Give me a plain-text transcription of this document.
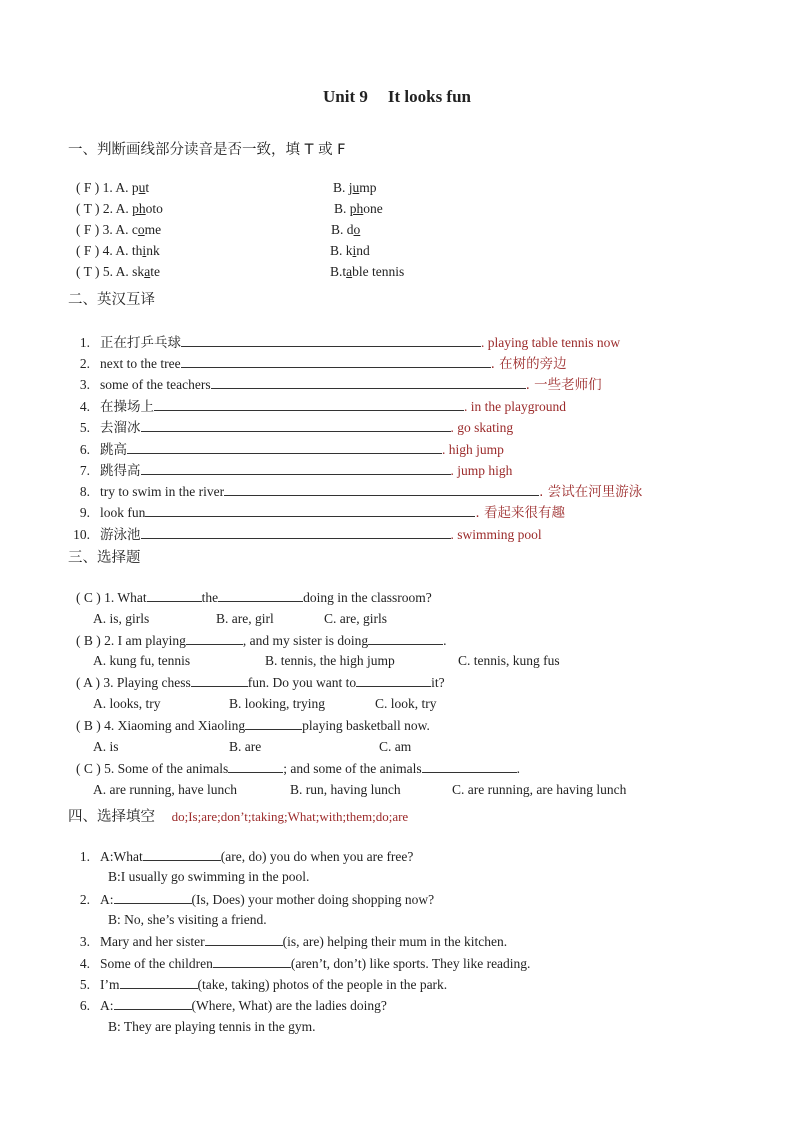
Unit 9 It looks fun
一、判断画线部分读音是否一致，填 T 或 F
( F ) 1. A. put	B. jump
( T ) 2. A. photo	B. phone
( F ) 3. A. come	B. do
( F ) 4. A. think	B. kind
( T ) 5. A. skate	B.table tennis
二、英汉互译
1. 正在打乒乓球	. playing table tennis now
2. next to the tree	. 在树的旁边
3. some of the teachers	. 一些老师们
4. 在操场上	. in the playground
5. 去溜冰	. go skating
6. 跳高	. high jump
7. 跳得高	. jump high
8. try to swim in the river	. 尝试在河里游泳
9. look fun	. 看起来很有趣
10. 游泳池	. swimming pool
三、选择题
( C ) 1. What	the	doing in the classroom?
A. is, girls	B. are, girl	C. are, girls
( B ) 2. I am playing	, and my sister is doing	.
A. kung fu, tennis	B. tennis, the high jump	C. tennis, kung fus
( A ) 3. Playing chess	fun. Do you want to	it?
A. looks, try	B. looking, trying	C. look, try
( B ) 4. Xiaoming and Xiaoling	playing basketball now.
A. is	B. are	C. am
( C ) 5. Some of the animals	; and some of the animals	.
A. are running, have lunch	B. run, having lunch	C. are running, are having lunch
四、选择填空 do;Is;are;don’t;taking;What;with;them;do;are
1. A:What	(are, do) you do when you are free?
B:I usually go swimming in the pool.
2. A:	(Is, Does) your mother doing shopping now?
B: No, she’s visiting a friend.
3. Mary and her sister	(is, are) helping their mum in the kitchen.
4. Some of the children	(aren’t, don’t) like sports. They like reading.
5. I’m	(take, taking) photos of the people in the park.
6. A:	(Where, What) are the ladies doing?
B: They are playing tennis in the gym.
